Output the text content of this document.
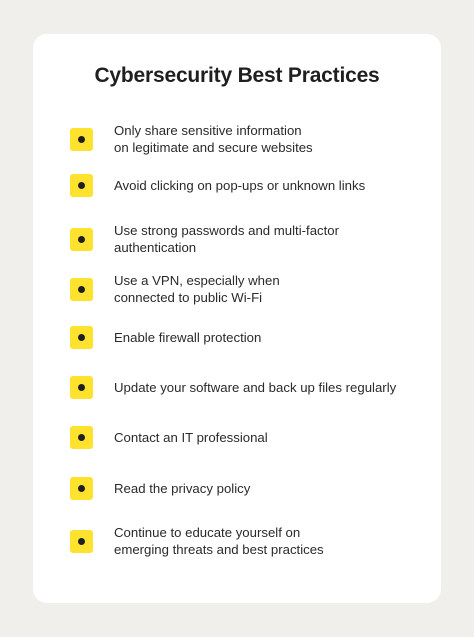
Cybersecurity Best Practices
Only share sensitive information
on legitimate and secure websites
Avoid clicking on pop-ups or unknown links
Use strong passwords and multi-factor
authentication
Use a VPN, especially when
connected to public Wi-Fi
Enable firewall protection
Update your software and back up files regularly
Contact an IT professional
Read the privacy policy
Continue to educate yourself on
emerging threats and best practices
